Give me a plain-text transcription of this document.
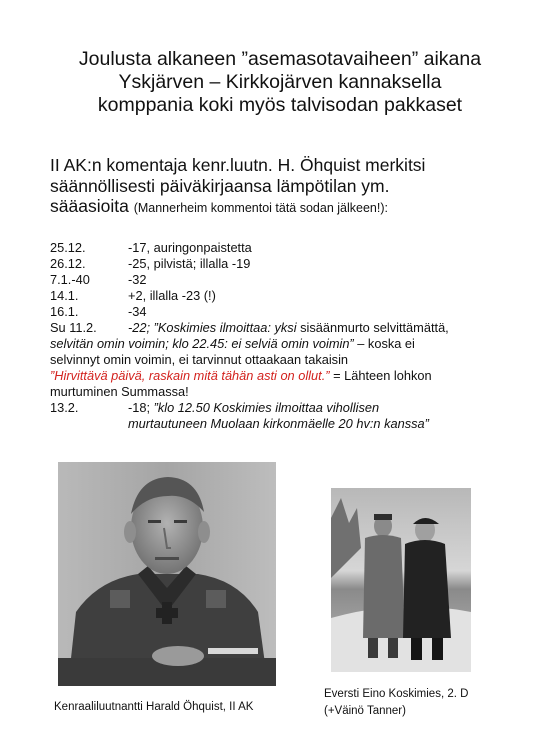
Joulusta alkaneen ”asemasotavaiheen” aikana
Yskjärven – Kirkkojärven kannaksella
komppania koki myös talvisodan pakkaset
II AK:n komentaja kenr.luutn. H. Öhquist merkitsi
säännöllisesti päiväkirjaansa lämpötilan ym.
sääasioita (Mannerheim kommentoi tätä sodan jälkeen!):
25.12.	-17, auringonpaistetta
26.12.	-25, pilvistä; illalla -19
7.1.-40	-32
14.1.	+2, illalla -23 (!)
16.1.	-34
Su 11.2. -22; ”Koskimies ilmoittaa: yksi sisäänmurto selvittämättä,
selvitän omin voimin; klo 22.45: ei selviä omin voimin” – koska ei
selvinnyt omin voimin, ei tarvinnut ottaakaan takaisin
”Hirvittävä päivä, raskain mitä tähän asti on ollut.” = Lähteen lohkon
murtuminen Summassa!
13.2.	-18; ”klo 12.50 Koskimies ilmoittaa vihollisen
murtautuneen Muolaan kirkonmäelle 20 hv:n kanssa”
Kenraaliluutnantti Harald Öhquist, II AK
Eversti Eino Koskimies, 2. D
(+Väinö Tanner)
